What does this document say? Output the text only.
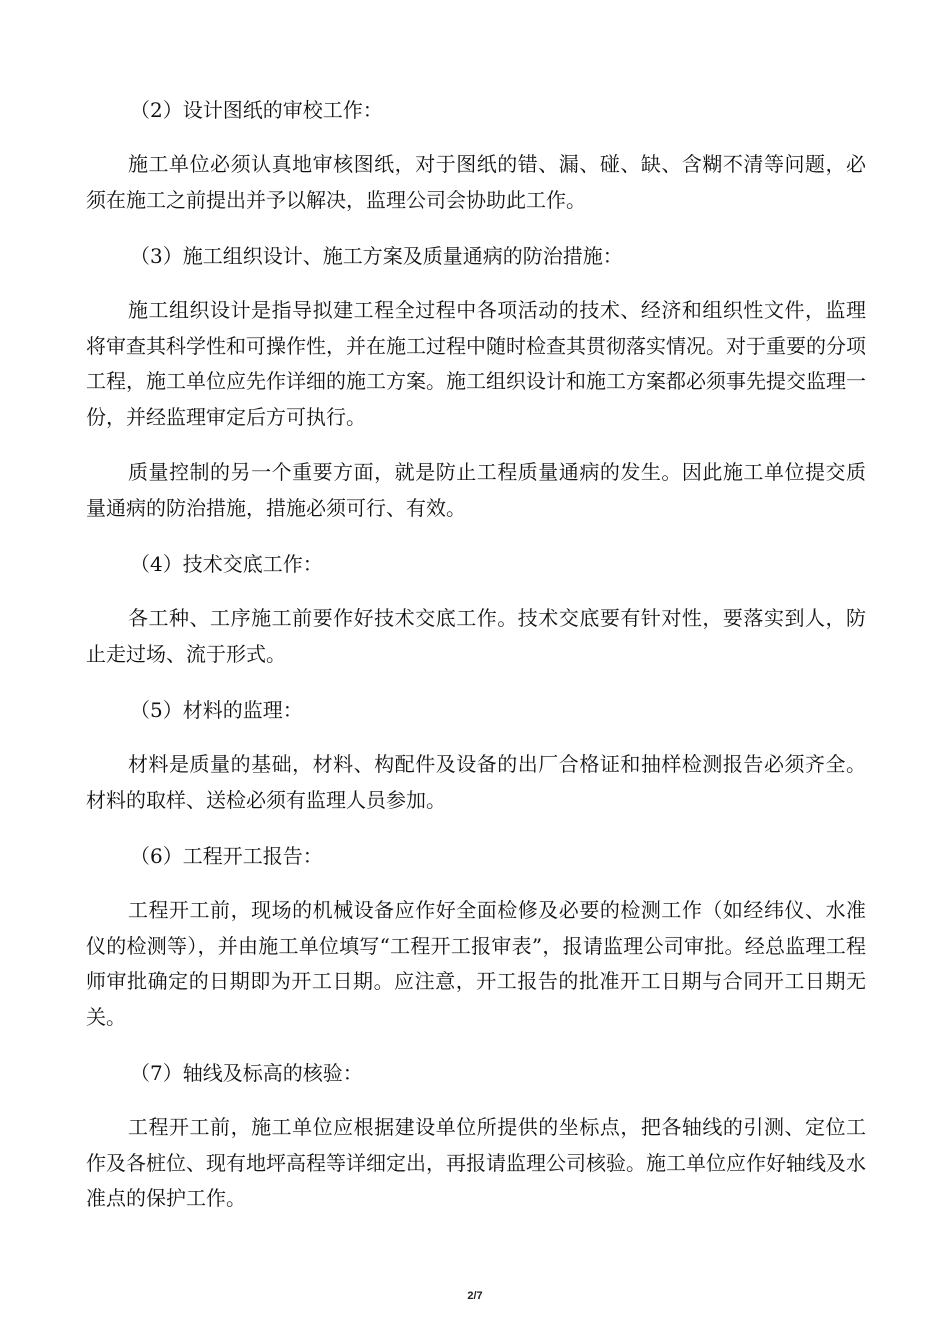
（2）设计图纸的审校工作：

施工单位必须认真地审核图纸，对于图纸的错、漏、碰、缺、含糊不清等问题，必须在施工之前提出并予以解决，监理公司会协助此工作。

（3）施工组织设计、施工方案及质量通病的防治措施：

施工组织设计是指导拟建工程全过程中各项活动的技术、经济和组织性文件，监理将审查其科学性和可操作性，并在施工过程中随时检查其贯彻落实情况。对于重要的分项工程，施工单位应先作详细的施工方案。施工组织设计和施工方案都必须事先提交监理一份，并经监理审定后方可执行。

质量控制的另一个重要方面，就是防止工程质量通病的发生。因此施工单位提交质量通病的防治措施，措施必须可行、有效。

（4）技术交底工作：

各工种、工序施工前要作好技术交底工作。技术交底要有针对性，要落实到人，防止走过场、流于形式。

（5）材料的监理：

材料是质量的基础，材料、构配件及设备的出厂合格证和抽样检测报告必须齐全。材料的取样、送检必须有监理人员参加。

（6）工程开工报告：

工程开工前，现场的机械设备应作好全面检修及必要的检测工作（如经纬仪、水准仪的检测等），并由施工单位填写“工程开工报审表”，报请监理公司审批。经总监理工程师审批确定的日期即为开工日期。应注意，开工报告的批准开工日期与合同开工日期无关。

（7）轴线及标高的核验：

工程开工前，施工单位应根据建设单位所提供的坐标点，把各轴线的引测、定位工作及各桩位、现有地坪高程等详细定出，再报请监理公司核验。施工单位应作好轴线及水准点的保护工作。

2/7
